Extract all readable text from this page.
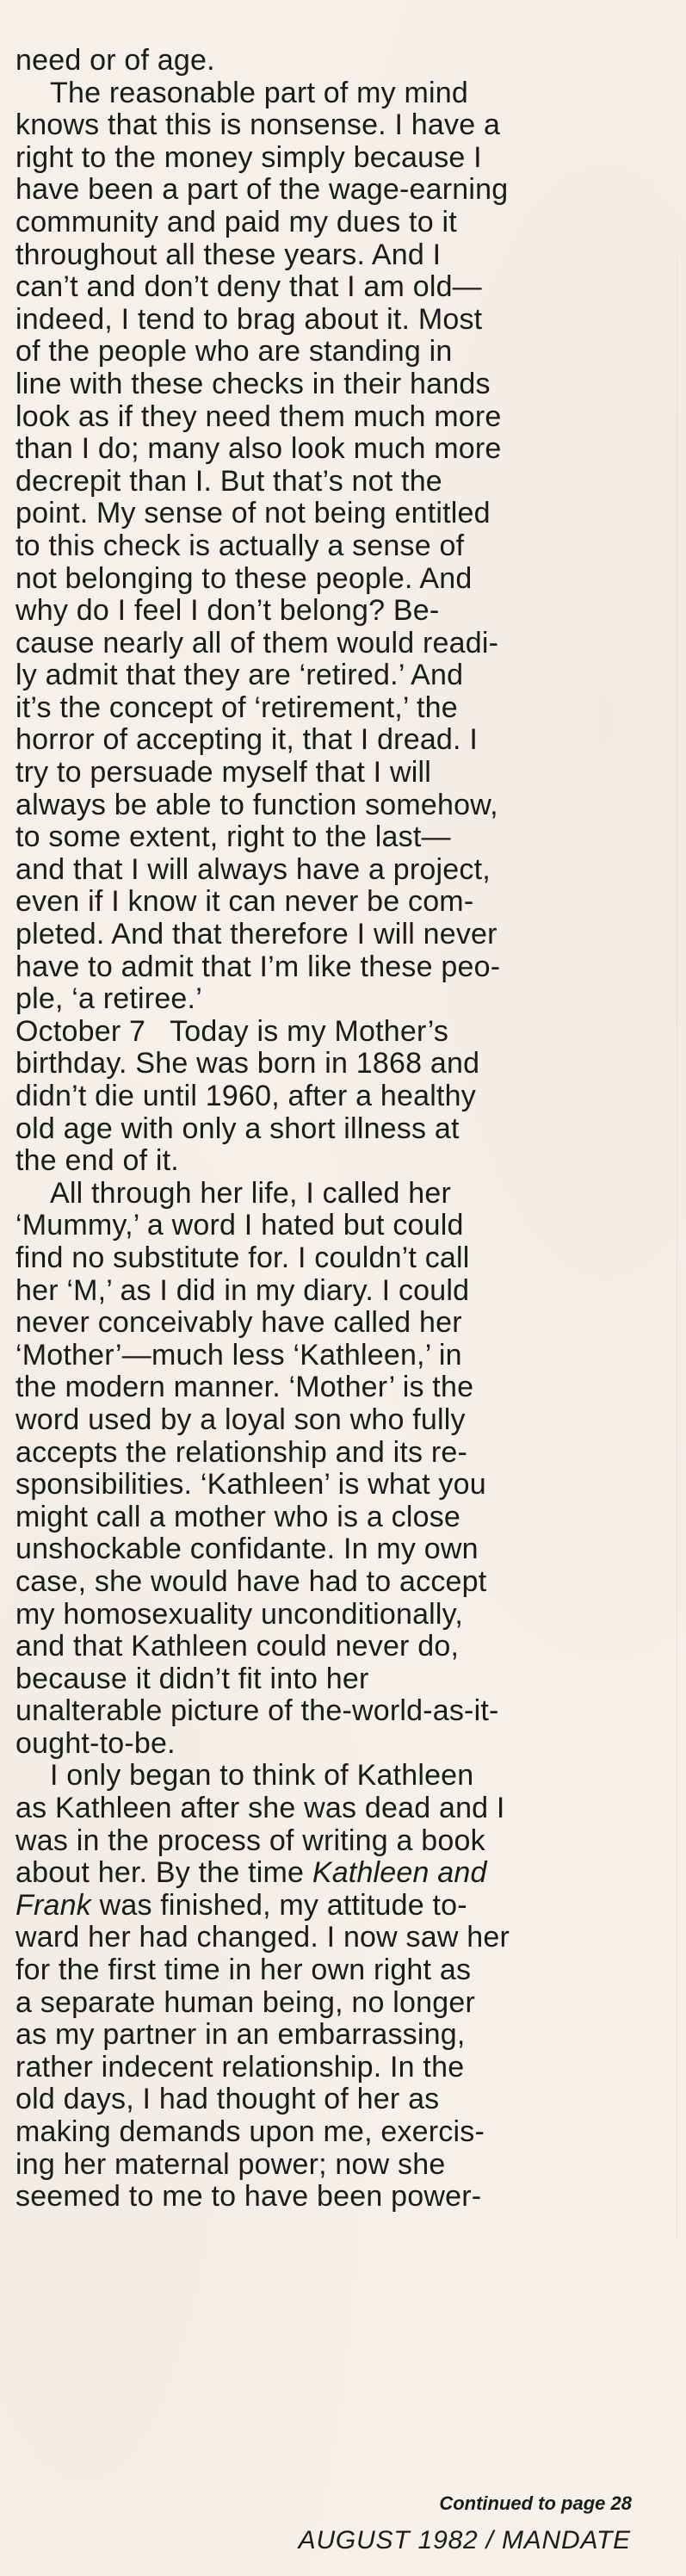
need or of age.
The reasonable part of my mind
knows that this is nonsense. I have a
right to the money simply because I
have been a part of the wage-earning
community and paid my dues to it
throughout all these years. And I
can’t and don’t deny that I am old—
indeed, I tend to brag about it. Most
of the people who are standing in
line with these checks in their hands
look as if they need them much more
than I do; many also look much more
decrepit than I. But that’s not the
point. My sense of not being entitled
to this check is actually a sense of
not belonging to these people. And
why do I feel I don’t belong? Be-
cause nearly all of them would readi-
ly admit that they are ‘retired.’ And
it’s the concept of ‘retirement,’ the
horror of accepting it, that I dread. I
try to persuade myself that I will
always be able to function somehow,
to some extent, right to the last—
and that I will always have a project,
even if I know it can never be com-
pleted. And that therefore I will never
have to admit that I’m like these peo-
ple, ‘a retiree.’
October 7 Today is my Mother’s
birthday. She was born in 1868 and
didn’t die until 1960, after a healthy
old age with only a short illness at
the end of it.
All through her life, I called her
‘Mummy,’ a word I hated but could
find no substitute for. I couldn’t call
her ‘M,’ as I did in my diary. I could
never conceivably have called her
‘Mother’—much less ‘Kathleen,’ in
the modern manner. ‘Mother’ is the
word used by a loyal son who fully
accepts the relationship and its re-
sponsibilities. ‘Kathleen’ is what you
might call a mother who is a close
unshockable confidante. In my own
case, she would have had to accept
my homosexuality unconditionally,
and that Kathleen could never do,
because it didn’t fit into her
unalterable picture of the-world-as-it-
ought-to-be.
I only began to think of Kathleen
as Kathleen after she was dead and I
was in the process of writing a book
about her. By the time Kathleen and
Frank was finished, my attitude to-
ward her had changed. I now saw her
for the first time in her own right as
a separate human being, no longer
as my partner in an embarrassing,
rather indecent relationship. In the
old days, I had thought of her as
making demands upon me, exercis-
ing her maternal power; now she
seemed to me to have been power-
Continued to page 28
AUGUST 1982 / MANDATE
